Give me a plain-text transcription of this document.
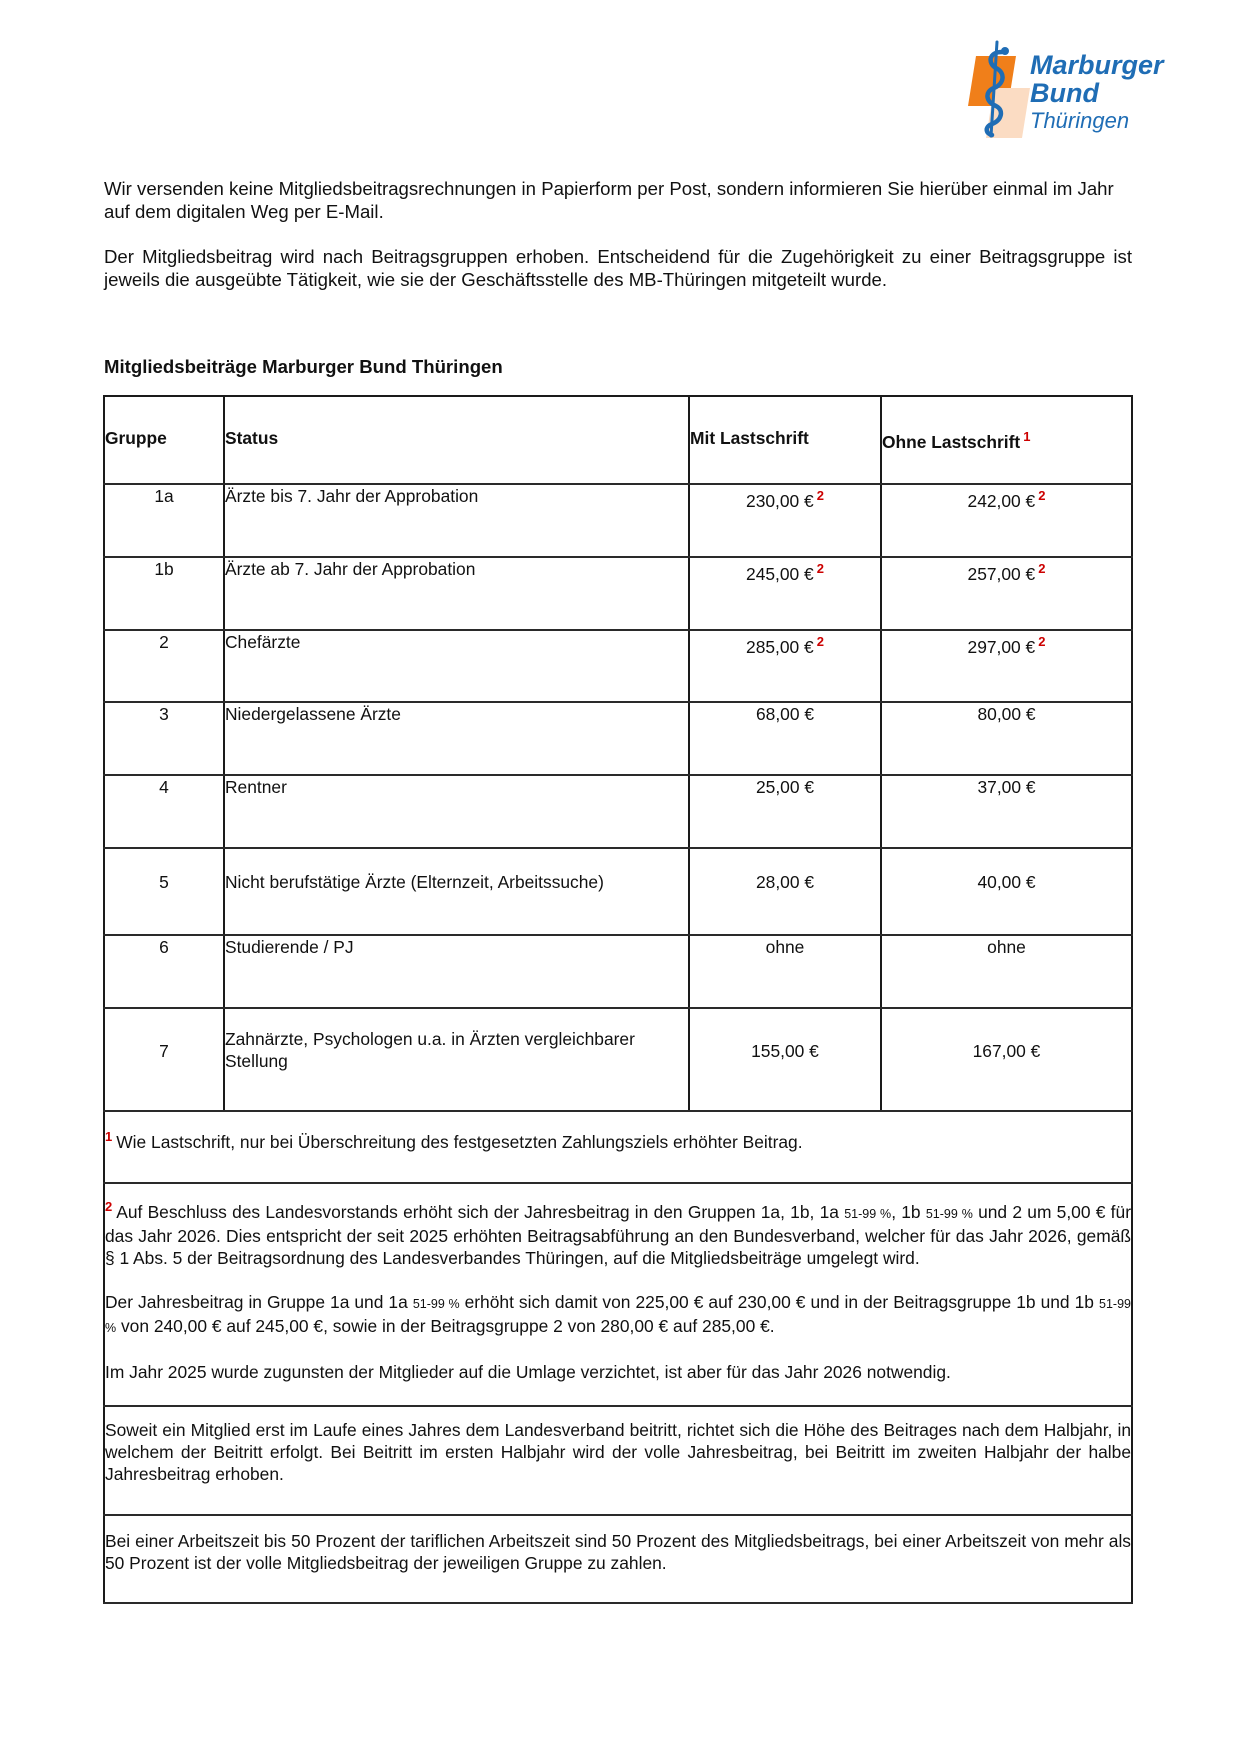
Marburger
Bund
Thüringen

Wir versenden keine Mitgliedsbeitragsrechnungen in Papierform per Post, sondern informieren Sie hierüber einmal im Jahr auf dem digitalen Weg per E-Mail.

Der Mitgliedsbeitrag wird nach Beitragsgruppen erhoben. Entscheidend für die Zugehörigkeit zu einer Beitragsgruppe ist jeweils die ausgeübte Tätigkeit, wie sie der Geschäftsstelle des MB-Thüringen mitgeteilt wurde.

Mitgliedsbeiträge Marburger Bund Thüringen
Gruppe	Status	Mit Lastschrift	Ohne Lastschrift $^1$

1a	Ärzte bis 7. Jahr der Approbation	230,00 € $^2$	242,00 € $^2$
1b	Ärzte ab 7. Jahr der Approbation	245,00 € $^2$	257,00 € $^2$
2	Chefärzte	285,00 € $^2$	297,00 € $^2$
3	Niedergelassene Ärzte	68,00 €	80,00 €
4	Rentner	25,00 €	37,00 €
5	Nicht berufstätige Ärzte (Elternzeit, Arbeitssuche)	28,00 €	40,00 €
6	Studierende / PJ	ohne	ohne
7	Zahnärzte, Psychologen u.a. in Ärzten vergleichbarer Stellung	155,00 €	167,00 €
$^1$ Wie Lastschrift, nur bei Überschreitung des festgesetzten Zahlungsziels erhöhter Beitrag.			

$^2$ Auf Beschluss des Landesvorstands erhöht sich der Jahresbeitrag in den Gruppen 1a, 1b, 1a 51-99 %, 1b 51-99 % und 2 um 5,00 € für das Jahr 2026. Dies entspricht der seit 2025 erhöhten Beitragsabführung an den Bundesverband, welcher für das Jahr 2026, gemäß § 1 Abs. 5 der Beitragsordnung des Landesverbandes Thüringen, auf die Mitgliedsbeiträge umgelegt wird.

Der Jahresbeitrag in Gruppe 1a und 1a 51-99 % erhöht sich damit von 225,00 € auf 230,00 € und in der Beitragsgruppe 1b und 1b 51-99 % von 240,00 € auf 245,00 €, sowie in der Beitragsgruppe 2 von 280,00 € auf 285,00 €.

Im Jahr 2025 wurde zugunsten der Mitglieder auf die Umlage verzichtet, ist aber für das Jahr 2026 notwendig.			

Soweit ein Mitglied erst im Laufe eines Jahres dem Landesverband beitritt, richtet sich die Höhe des Beitrages nach dem Halbjahr, in welchem der Beitritt erfolgt. Bei Beitritt im ersten Halbjahr wird der volle Jahresbeitrag, bei Beitritt im zweiten Halbjahr der halbe Jahresbeitrag erhoben.			
Bei einer Arbeitszeit bis 50 Prozent der tariflichen Arbeitszeit sind 50 Prozent des Mitgliedsbeitrags, bei einer Arbeitszeit von mehr als 50 Prozent ist der volle Mitgliedsbeitrag der jeweiligen Gruppe zu zahlen.			
